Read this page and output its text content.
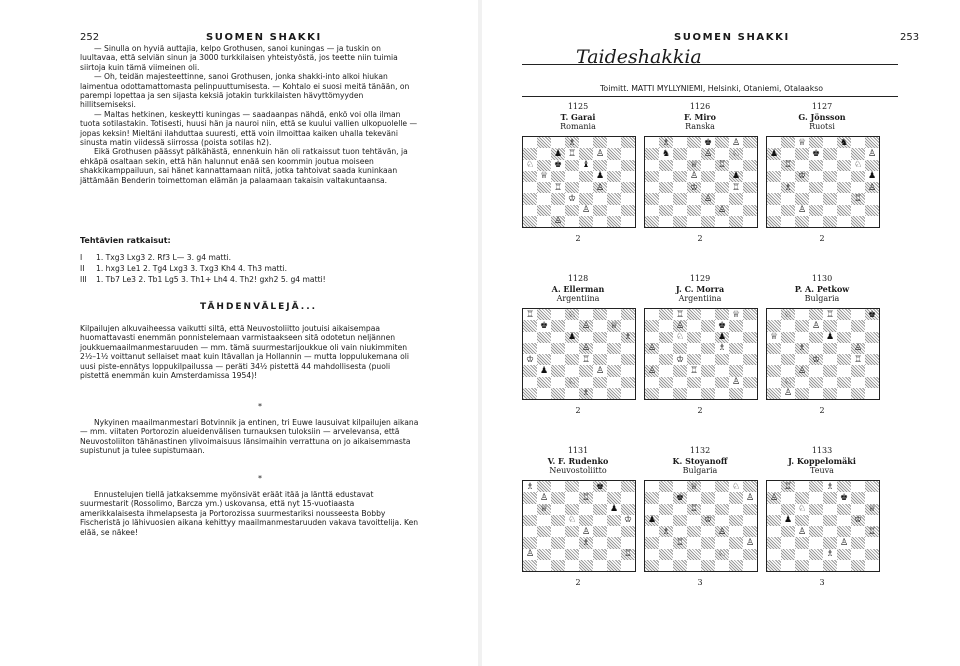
252	SUOMEN SHAKKI

— Sinulla on hyviä auttajia, kelpo Grothusen, sanoi kuningas — ja tuskin on luultavaa, että selviän sinun ja 3000 turkkilaisen yhteistyöstä, jos teette niin tuimia siirtoja kuin tämä viimeinen oli.

— Oh, teidän majesteettinne, sanoi Grothusen, jonka shakki-into alkoi hiukan laimentua odottamattomasta pelinpuuttumisesta. — Kohtalo ei suosi meitä tänään, on parempi lopettaa ja sen sijasta keksiä jotakin turkkilaisten hävyttömyyden hillitsemiseksi.

— Maltas hetkinen, keskeytti kuningas — saadaanpas nähdä, enkö voi olla ilman tuota sotilastakin. Totisesti, huusi hän ja nauroi niin, että se kuului vallien ulkopuolelle — jopas keksin! Mieltäni ilahduttaa suuresti, että voin ilmoittaa kaiken uhalla tekeväni sinusta matin viidessä siirrossa (poista sotilas h2).

Eikä Grothusen päässyt pälkähästä, ennenkuin hän oli ratkaissut tuon tehtävän, ja ehkäpä osaltaan sekin, että hän halunnut enää sen koommin joutua moiseen shakkikamppailuun, sai hänet kannattamaan niitä, jotka tahtoivat saada kuninkaan jättämään Benderin toimettoman elämän ja palaamaan takaisin valtakuntaansa.

Tehtävien ratkaisut:
I	1. Txg3 Lxg3 2. Rf3 L— 3. g4 matti.
II	1. hxg3 Le1 2. Tg4 Lxg3 3. Txg3 Kh4 4. Th3 matti.
III	1. Tb7 Le3 2. Tb1 Lg5 3. Th1+ Lh4 4. Th2! gxh2 5. g4 matti!
TÄHDENVÄLEJÄ...

Kilpailujen alkuvaiheessa vaikutti siltä, että Neuvostoliitto joutuisi aikaisempaa huomattavasti enemmän ponnistelemaan varmistaakseen sitä odotetun neljännen joukkuemaailmanmestaruuden — mm. tämä suurmestarijoukkue oli vain niukimmiten 2½–1½ voittanut sellaiset maat kuin Itävallan ja Hollannin — mutta loppulukemana oli uusi piste-ennätys loppukilpailussa — peräti 34½ pistettä 44 mahdollisesta (puoli pistettä enemmän kuin Amsterdamissa 1954)!

*

Nykyinen maailmanmestari Botvinnik ja entinen, tri Euwe lausuivat kilpailujen aikana — mm. viitaten Portorozin alueidenvälisen turnauksen tuloksiin — arvelevansa, että Neuvostoliiton tähänastinen ylivoimaisuus länsimaihin verrattuna on jo aikaisemmasta supistunut ja tulee supistumaan.

*

Ennustelujen tiellä jatkaksemme myönsivät eräät itää ja länttä edustavat suurmestarit (Rossolimo, Barcza ym.) uskovansa, että nyt 15-vuotiaasta amerikkalaisesta ihmelapsesta ja Portorozissa suurmestariksi nousseesta Bobby Fischeristä jo lähivuosien aikana kehittyy maailmanmestaruuden vakava tavoittelija. Ken elää, se näkee!

SUOMEN SHAKKI	253
Taideshakkia
Toimitt. MATTI MYLLYNIEMI, Helsinki, Otaniemi, Otalaakso
1125
T. Garai
Romania
♗
♟ ♖	♙
♘	♚	♝
♕	♟
♖	♙
♔
♙
♙
2
1126
F. Miro
Ranska
♗	♚	♙
♞	♙	♘
♕	♖
♙	♟
♔	♖
♙
♙
2
1127
G. Jönsson
Ruotsi
♕	♞
♟	♚	♙
♖	♘
♔	♟
♗	♙
♖
♙
2
1128
A. Ellerman
Argentiina
♖	♘
♚	♙	♕
♟	♗
♙
♔	♖
♟	♙
♘
♗
2
1129
J. C. Morra
Argentiina
♖	♕
♙	♚
♘	♟
♙	♗
♔
♙	♖
♙
2
1130
P. A. Petkow
Bulgaria
♘	♖	♚
♙
♕	♟
♗	♙
♔	♖
♙
♘
♙
2
1131
V. F. Rudenko
Neuvostoliitto
♗	♚
♙	♖
♕	♟
♘	♔
♙
♗
♙	♖
2
1132
K. Stoyanoff
Bulgaria
♕	♘
♚	♙
♖
♟	♔
♗	♙
♖	♙
♘
3
1133
J. Koppelomäki
Teuva
♖	♗
♙	♚
♘	♕
♟	♔
♙	♖
♙
♗
3
